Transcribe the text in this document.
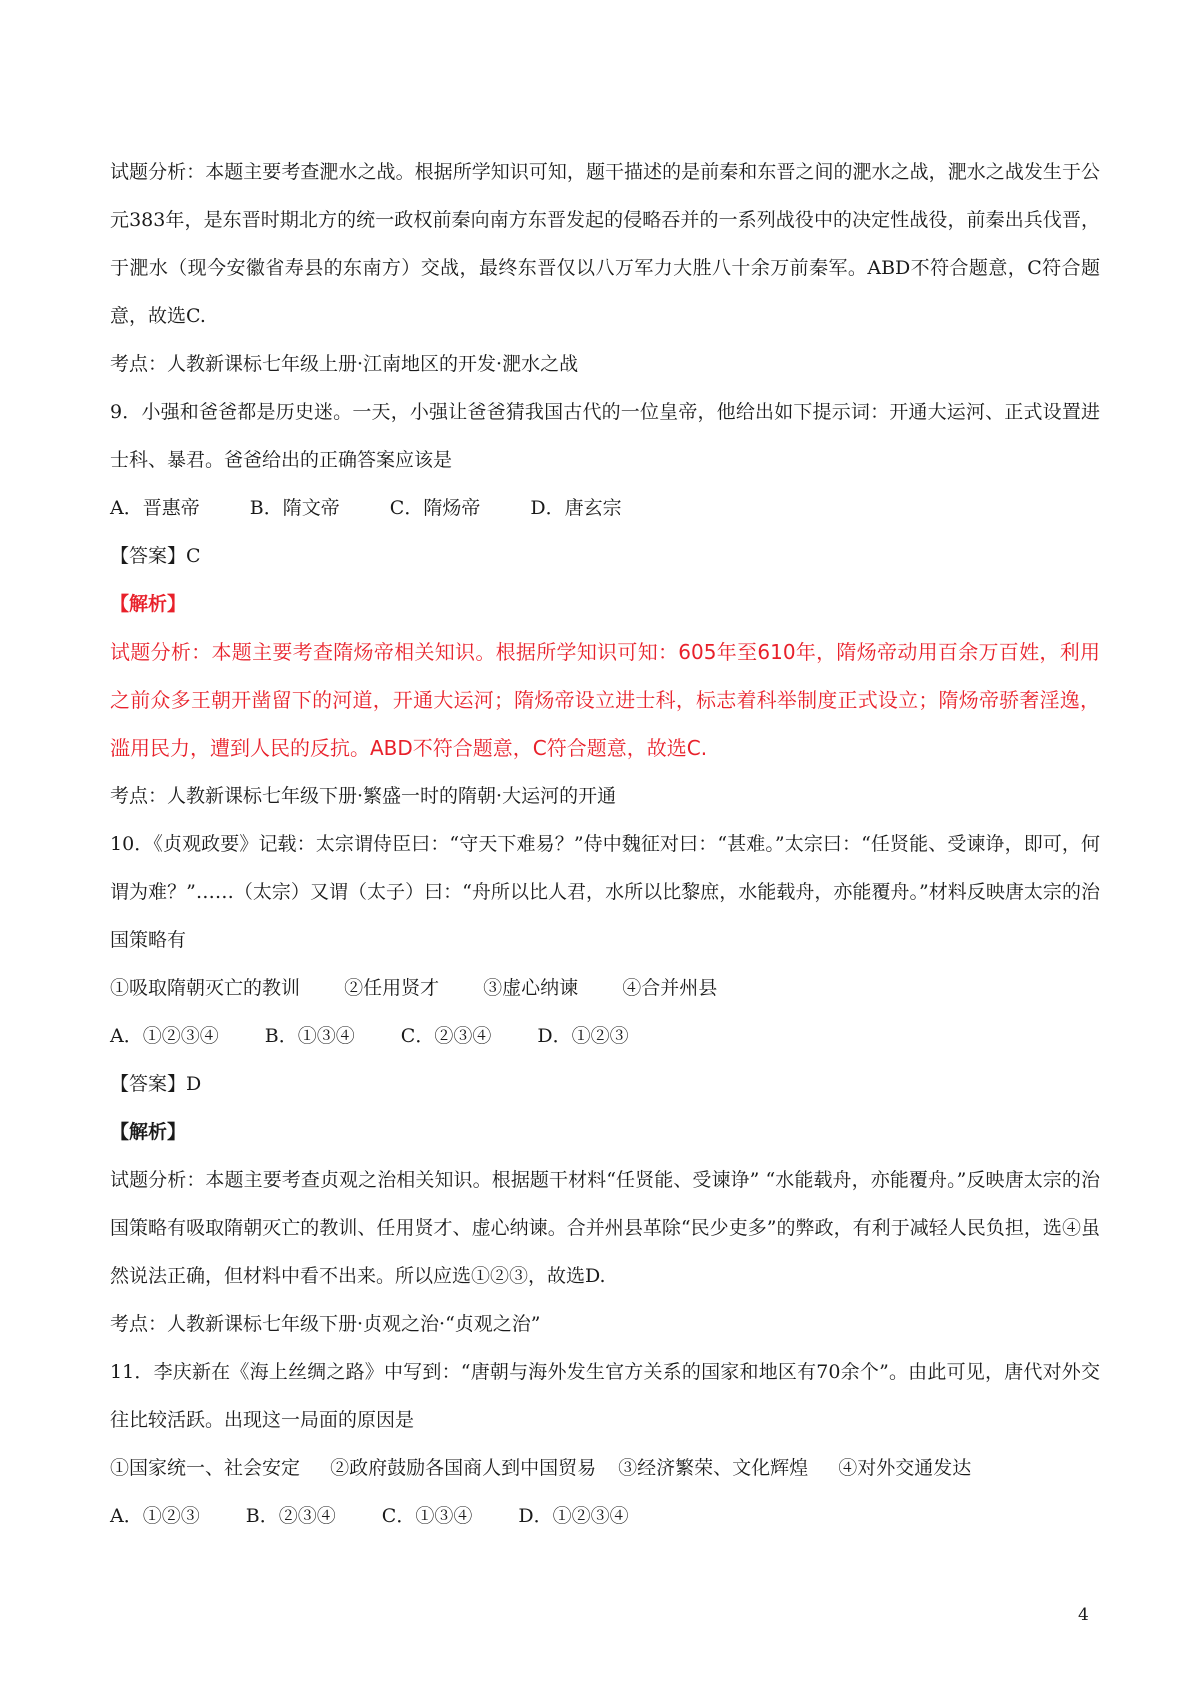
试题分析：本题主要考查淝水之战。根据所学知识可知，题干描述的是前秦和东晋之间的淝水之战，淝水之战发生于公元383年，是东晋时期北方的统一政权前秦向南方东晋发起的侵略吞并的一系列战役中的决定性战役，前秦出兵伐晋，于淝水（现今安徽省寿县的东南方）交战，最终东晋仅以八万军力大胜八十余万前秦军。ABD不符合题意，C符合题意，故选C.

考点：人教新课标七年级上册·江南地区的开发·淝水之战

9．小强和爸爸都是历史迷。一天，小强让爸爸猜我国古代的一位皇帝，他给出如下提示词：开通大运河、正式设置进士科、暴君。爸爸给出的正确答案应该是

A．晋惠帝	B．隋文帝	C．隋炀帝	D．唐玄宗

【答案】C

【解析】

试题分析：本题主要考查隋炀帝相关知识。根据所学知识可知：605年至610年，隋炀帝动用百余万百姓，利用之前众多王朝开凿留下的河道，开通大运河；隋炀帝设立进士科，标志着科举制度正式设立；隋炀帝骄奢淫逸，滥用民力，遭到人民的反抗。ABD不符合题意，C符合题意，故选C.

考点：人教新课标七年级下册·繁盛一时的隋朝·大运河的开通

10．《贞观政要》记载：太宗谓侍臣曰：“守天下难易？”侍中魏征对曰：“甚难。”太宗曰：“任贤能、受谏诤，即可，何谓为难？”……（太宗）又谓（太子）曰：“舟所以比人君，水所以比黎庶，水能载舟，亦能覆舟。”材料反映唐太宗的治国策略有

①吸取隋朝灭亡的教训 ②任用贤才 ③虚心纳谏 ④合并州县

A．①②③④ B．①③④ C．②③④ D．①②③

【答案】D

【解析】

试题分析：本题主要考查贞观之治相关知识。根据题干材料“任贤能、受谏诤” “水能载舟，亦能覆舟。”反映唐太宗的治国策略有吸取隋朝灭亡的教训、任用贤才、虚心纳谏。合并州县革除“民少吏多”的弊政，有利于减轻人民负担，选④虽然说法正确，但材料中看不出来。所以应选①②③，故选D.

考点：人教新课标七年级下册·贞观之治·“贞观之治”

11．李庆新在《海上丝绸之路》中写到：“唐朝与海外发生官方关系的国家和地区有70余个”。由此可见，唐代对外交往比较活跃。出现这一局面的原因是

①国家统一、社会安定 ②政府鼓励各国商人到中国贸易 ③经济繁荣、文化辉煌 ④对外交通发达

A．①②③ B．②③④ C．①③④ D．①②③④

4
